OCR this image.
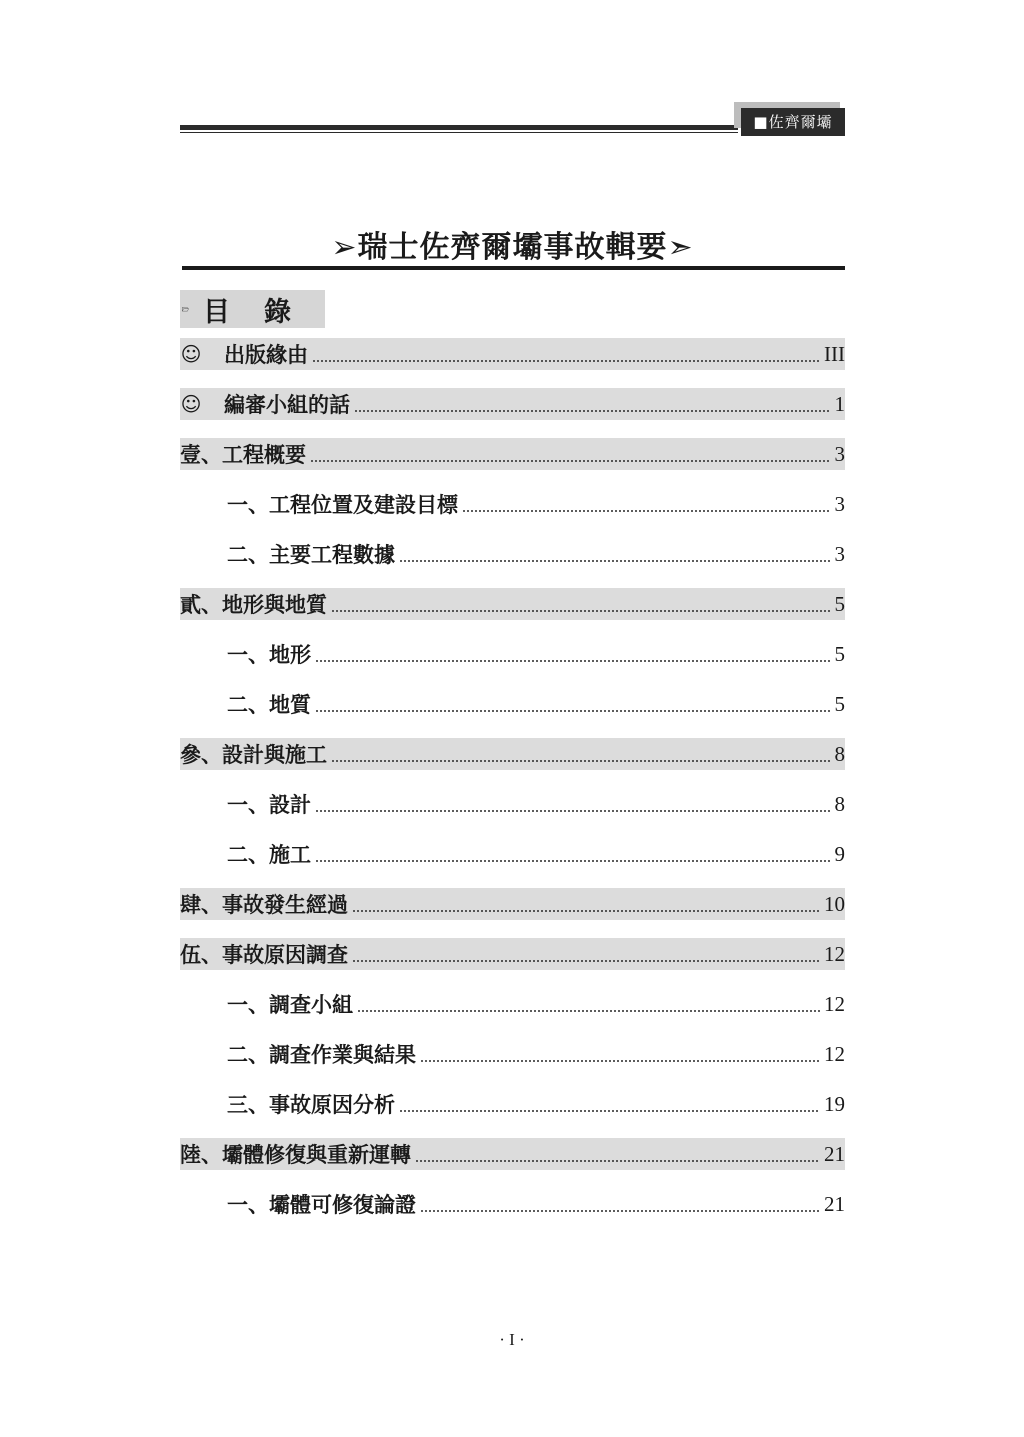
■佐齊爾壩
➢瑞士佐齊爾壩事故輯要➣
目錄
☺ 出版緣由	III
☺ 編審小組的話	1
壹、工程概要	3
一、工程位置及建設目標	3
二、主要工程數據	3
貳、地形與地質	5
一、地形	5
二、地質	5
參、設計與施工	8
一、設計	8
二、施工	9
肆、事故發生經過	10
伍、事故原因調查	12
一、調查小組	12
二、調查作業與結果	12
三、事故原因分析	19
陸、壩體修復與重新運轉	21
一、壩體可修復論證	21
· I ·
